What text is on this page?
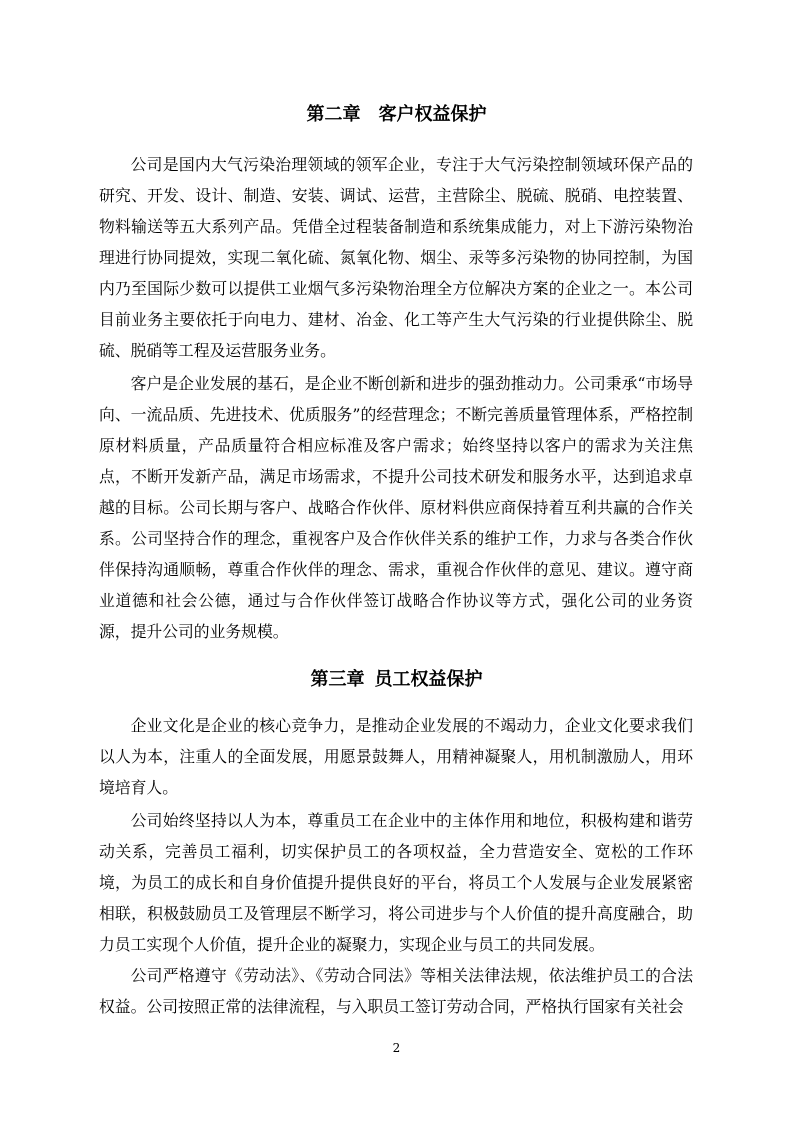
第二章 客户权益保护
公司是国内大气污染治理领域的领军企业，专注于大气污染控制领域环保产品的研究、开发、设计、制造、安装、调试、运营，主营除尘、脱硫、脱硝、电控装置、物料输送等五大系列产品。凭借全过程装备制造和系统集成能力，对上下游污染物治理进行协同提效，实现二氧化硫、氮氧化物、烟尘、汞等多污染物的协同控制，为国内乃至国际少数可以提供工业烟气多污染物治理全方位解决方案的企业之一。本公司目前业务主要依托于向电力、建材、冶金、化工等产生大气污染的行业提供除尘、脱硫、脱硝等工程及运营服务业务。
客户是企业发展的基石，是企业不断创新和进步的强劲推动力。公司秉承“市场导向、一流品质、先进技术、优质服务”的经营理念；不断完善质量管理体系，严格控制原材料质量，产品质量符合相应标准及客户需求；始终坚持以客户的需求为关注焦点，不断开发新产品，满足市场需求，不提升公司技术研发和服务水平，达到追求卓越的目标。公司长期与客户、战略合作伙伴、原材料供应商保持着互利共赢的合作关系。公司坚持合作的理念，重视客户及合作伙伴关系的维护工作，力求与各类合作伙伴保持沟通顺畅，尊重合作伙伴的理念、需求，重视合作伙伴的意见、建议。遵守商业道德和社会公德，通过与合作伙伴签订战略合作协议等方式，强化公司的业务资源，提升公司的业务规模。
第三章 员工权益保护
企业文化是企业的核心竞争力，是推动企业发展的不竭动力，企业文化要求我们以人为本，注重人的全面发展，用愿景鼓舞人，用精神凝聚人，用机制激励人，用环境培育人。
公司始终坚持以人为本，尊重员工在企业中的主体作用和地位，积极构建和谐劳动关系，完善员工福利，切实保护员工的各项权益，全力营造安全、宽松的工作环境，为员工的成长和自身价值提升提供良好的平台，将员工个人发展与企业发展紧密相联，积极鼓励员工及管理层不断学习，将公司进步与个人价值的提升高度融合，助力员工实现个人价值，提升企业的凝聚力，实现企业与员工的共同发展。
公司严格遵守《劳动法》、《劳动合同法》等相关法律法规，依法维护员工的合法权益。公司按照正常的法律流程，与入职员工签订劳动合同，严格执行国家有关社会
2
